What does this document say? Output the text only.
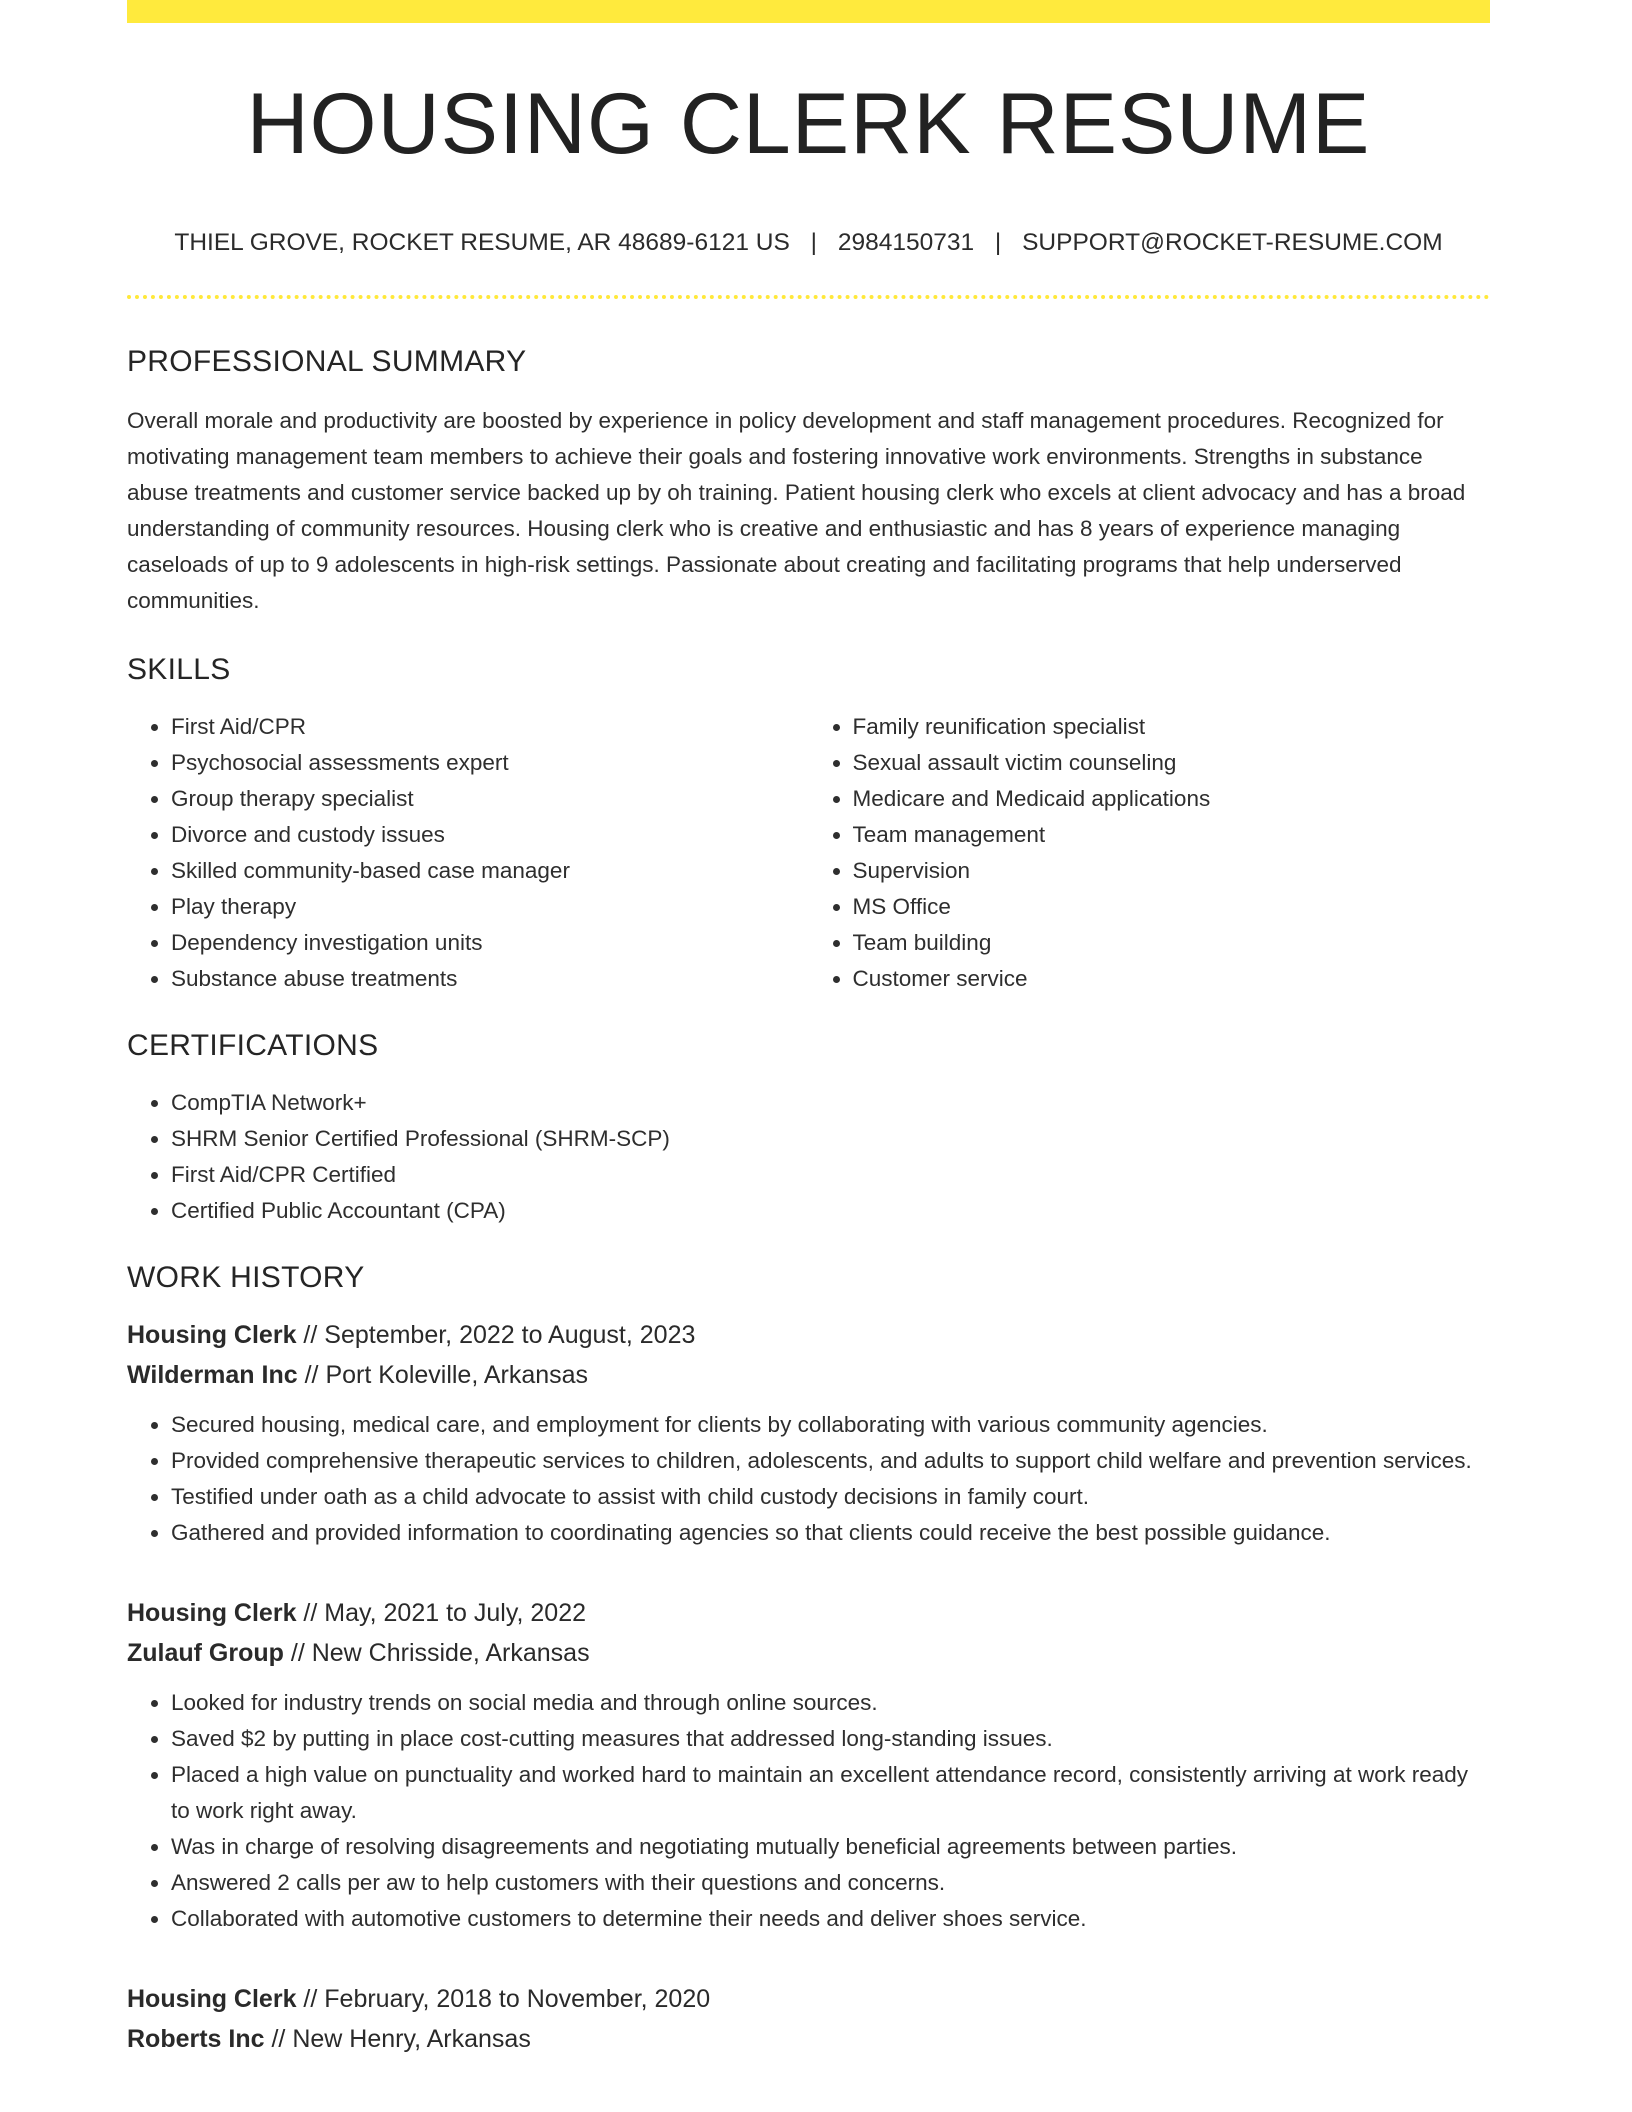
HOUSING CLERK RESUME
THIEL GROVE, ROCKET RESUME, AR 48689-6121 US | 2984150731 | SUPPORT@ROCKET-RESUME.COM
PROFESSIONAL SUMMARY

Overall morale and productivity are boosted by experience in policy development and staff management procedures. Recognized for motivating management team members to achieve their goals and fostering innovative work environments. Strengths in substance abuse treatments and customer service backed up by oh training. Patient housing clerk who excels at client advocacy and has a broad understanding of community resources. Housing clerk who is creative and enthusiastic and has 8 years of experience managing caseloads of up to 9 adolescents in high-risk settings. Passionate about creating and facilitating programs that help underserved communities.

SKILLS
• First Aid/CPR
• Psychosocial assessments expert
• Group therapy specialist
• Divorce and custody issues
• Skilled community-based case manager
• Play therapy
• Dependency investigation units
• Substance abuse treatments
• Family reunification specialist
• Sexual assault victim counseling
• Medicare and Medicaid applications
• Team management
• Supervision
• MS Office
• Team building
• Customer service
CERTIFICATIONS
• CompTIA Network+
• SHRM Senior Certified Professional (SHRM-SCP)
• First Aid/CPR Certified
• Certified Public Accountant (CPA)
WORK HISTORY
Housing Clerk // September, 2022 to August, 2023
Wilderman Inc // Port Koleville, Arkansas
• Secured housing, medical care, and employment for clients by collaborating with various community agencies.
• Provided comprehensive therapeutic services to children, adolescents, and adults to support child welfare and prevention services.
• Testified under oath as a child advocate to assist with child custody decisions in family court.
• Gathered and provided information to coordinating agencies so that clients could receive the best possible guidance.
Housing Clerk // May, 2021 to July, 2022
Zulauf Group // New Chrisside, Arkansas
• Looked for industry trends on social media and through online sources.
• Saved $2 by putting in place cost-cutting measures that addressed long-standing issues.
• Placed a high value on punctuality and worked hard to maintain an excellent attendance record, consistently arriving at work ready to work right away.
• Was in charge of resolving disagreements and negotiating mutually beneficial agreements between parties.
• Answered 2 calls per aw to help customers with their questions and concerns.
• Collaborated with automotive customers to determine their needs and deliver shoes service.
Housing Clerk // February, 2018 to November, 2020
Roberts Inc // New Henry, Arkansas
